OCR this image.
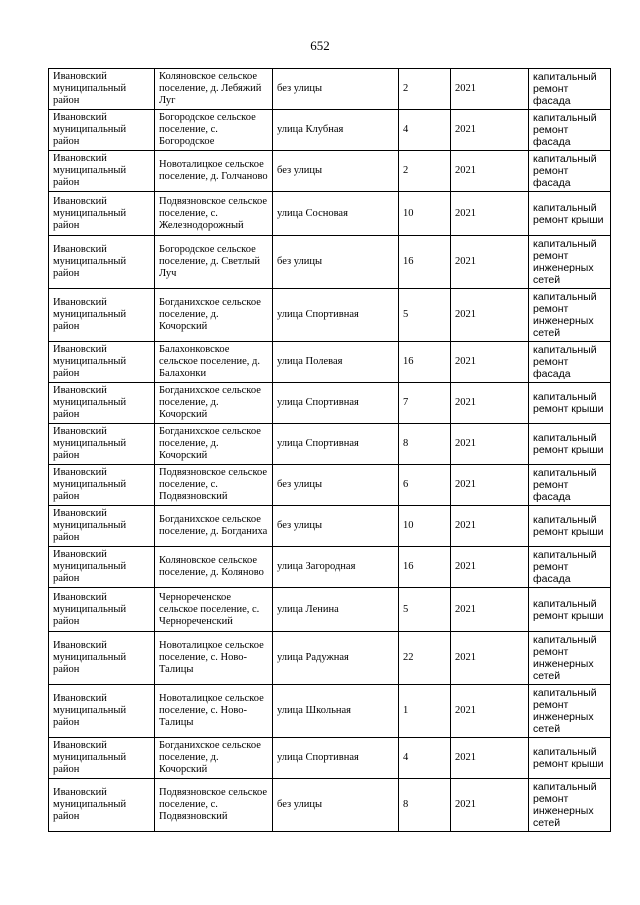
652
Ивановский муниципальный район	Коляновское сельское поселение, д. Лебяжий Луг	без улицы	2	2021	капитальный ремонт фасада
Ивановский муниципальный район	Богородское сельское поселение, с. Богородское	улица Клубная	4	2021	капитальный ремонт фасада
Ивановский муниципальный район	Новоталицкое сельское поселение, д. Голчаново	без улицы	2	2021	капитальный ремонт фасада
Ивановский муниципальный район	Подвязновское сельское поселение, с. Железнодорожный	улица Сосновая	10	2021	капитальный ремонт крыши
Ивановский муниципальный район	Богородское сельское поселение, д. Светлый Луч	без улицы	16	2021	капитальный ремонт инженерных сетей
Ивановский муниципальный район	Богданихское сельское поселение, д. Кочорский	улица Спортивная	5	2021	капитальный ремонт инженерных сетей
Ивановский муниципальный район	Балахонковское сельское поселение, д. Балахонки	улица Полевая	16	2021	капитальный ремонт фасада
Ивановский муниципальный район	Богданихское сельское поселение, д. Кочорский	улица Спортивная	7	2021	капитальный ремонт крыши
Ивановский муниципальный район	Богданихское сельское поселение, д. Кочорский	улица Спортивная	8	2021	капитальный ремонт крыши
Ивановский муниципальный район	Подвязновское сельское поселение, с. Подвязновский	без улицы	6	2021	капитальный ремонт фасада
Ивановский муниципальный район	Богданихское сельское поселение, д. Богданиха	без улицы	10	2021	капитальный ремонт крыши
Ивановский муниципальный район	Коляновское сельское поселение, д. Коляново	улица Загородная	16	2021	капитальный ремонт фасада
Ивановский муниципальный район	Чернореченское сельское поселение, с. Чернореченский	улица Ленина	5	2021	капитальный ремонт крыши
Ивановский муниципальный район	Новоталицкое сельское поселение, с. Ново-Талицы	улица Радужная	22	2021	капитальный ремонт инженерных сетей
Ивановский муниципальный район	Новоталицкое сельское поселение, с. Ново-Талицы	улица Школьная	1	2021	капитальный ремонт инженерных сетей
Ивановский муниципальный район	Богданихское сельское поселение, д. Кочорский	улица Спортивная	4	2021	капитальный ремонт крыши
Ивановский муниципальный район	Подвязновское сельское поселение, с. Подвязновский	без улицы	8	2021	капитальный ремонт инженерных сетей
